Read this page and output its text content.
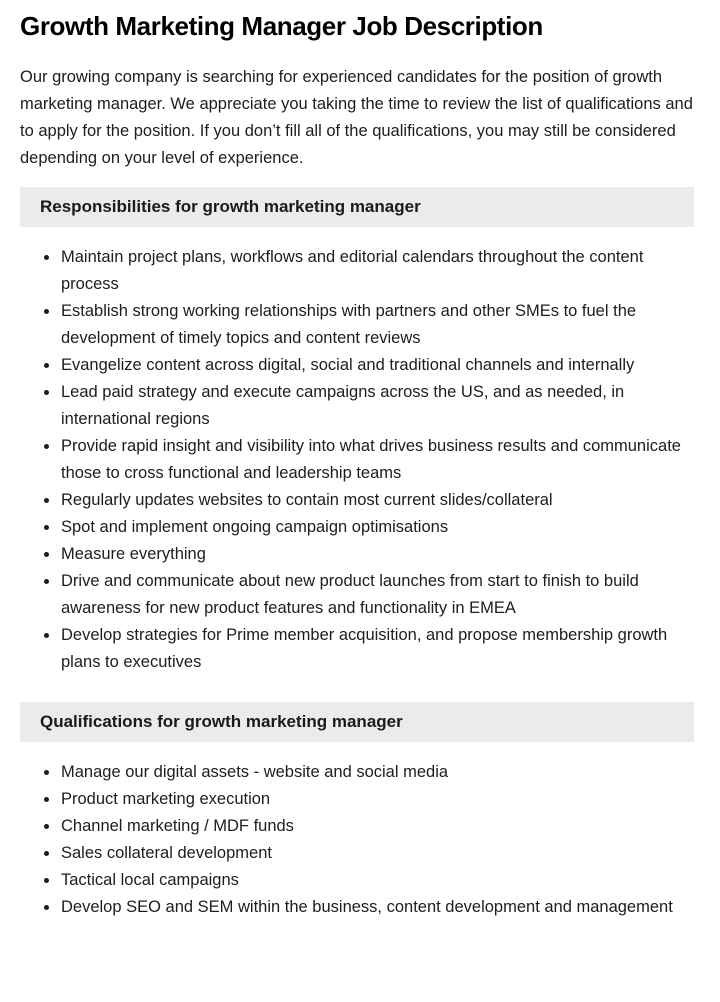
Growth Marketing Manager Job Description

Our growing company is searching for experienced candidates for the position of growth marketing manager. We appreciate you taking the time to review the list of qualifications and to apply for the position. If you don’t fill all of the qualifications, you may still be considered depending on your level of experience.

Responsibilities for growth marketing manager
Maintain project plans, workflows and editorial calendars throughout the content process
Establish strong working relationships with partners and other SMEs to fuel the development of timely topics and content reviews
Evangelize content across digital, social and traditional channels and internally
Lead paid strategy and execute campaigns across the US, and as needed, in international regions
Provide rapid insight and visibility into what drives business results and communicate those to cross functional and leadership teams
Regularly updates websites to contain most current slides/collateral
Spot and implement ongoing campaign optimisations
Measure everything
Drive and communicate about new product launches from start to finish to build awareness for new product features and functionality in EMEA
Develop strategies for Prime member acquisition, and propose membership growth plans to executives
Qualifications for growth marketing manager
Manage our digital assets - website and social media
Product marketing execution
Channel marketing / MDF funds
Sales collateral development
Tactical local campaigns
Develop SEO and SEM within the business, content development and management
